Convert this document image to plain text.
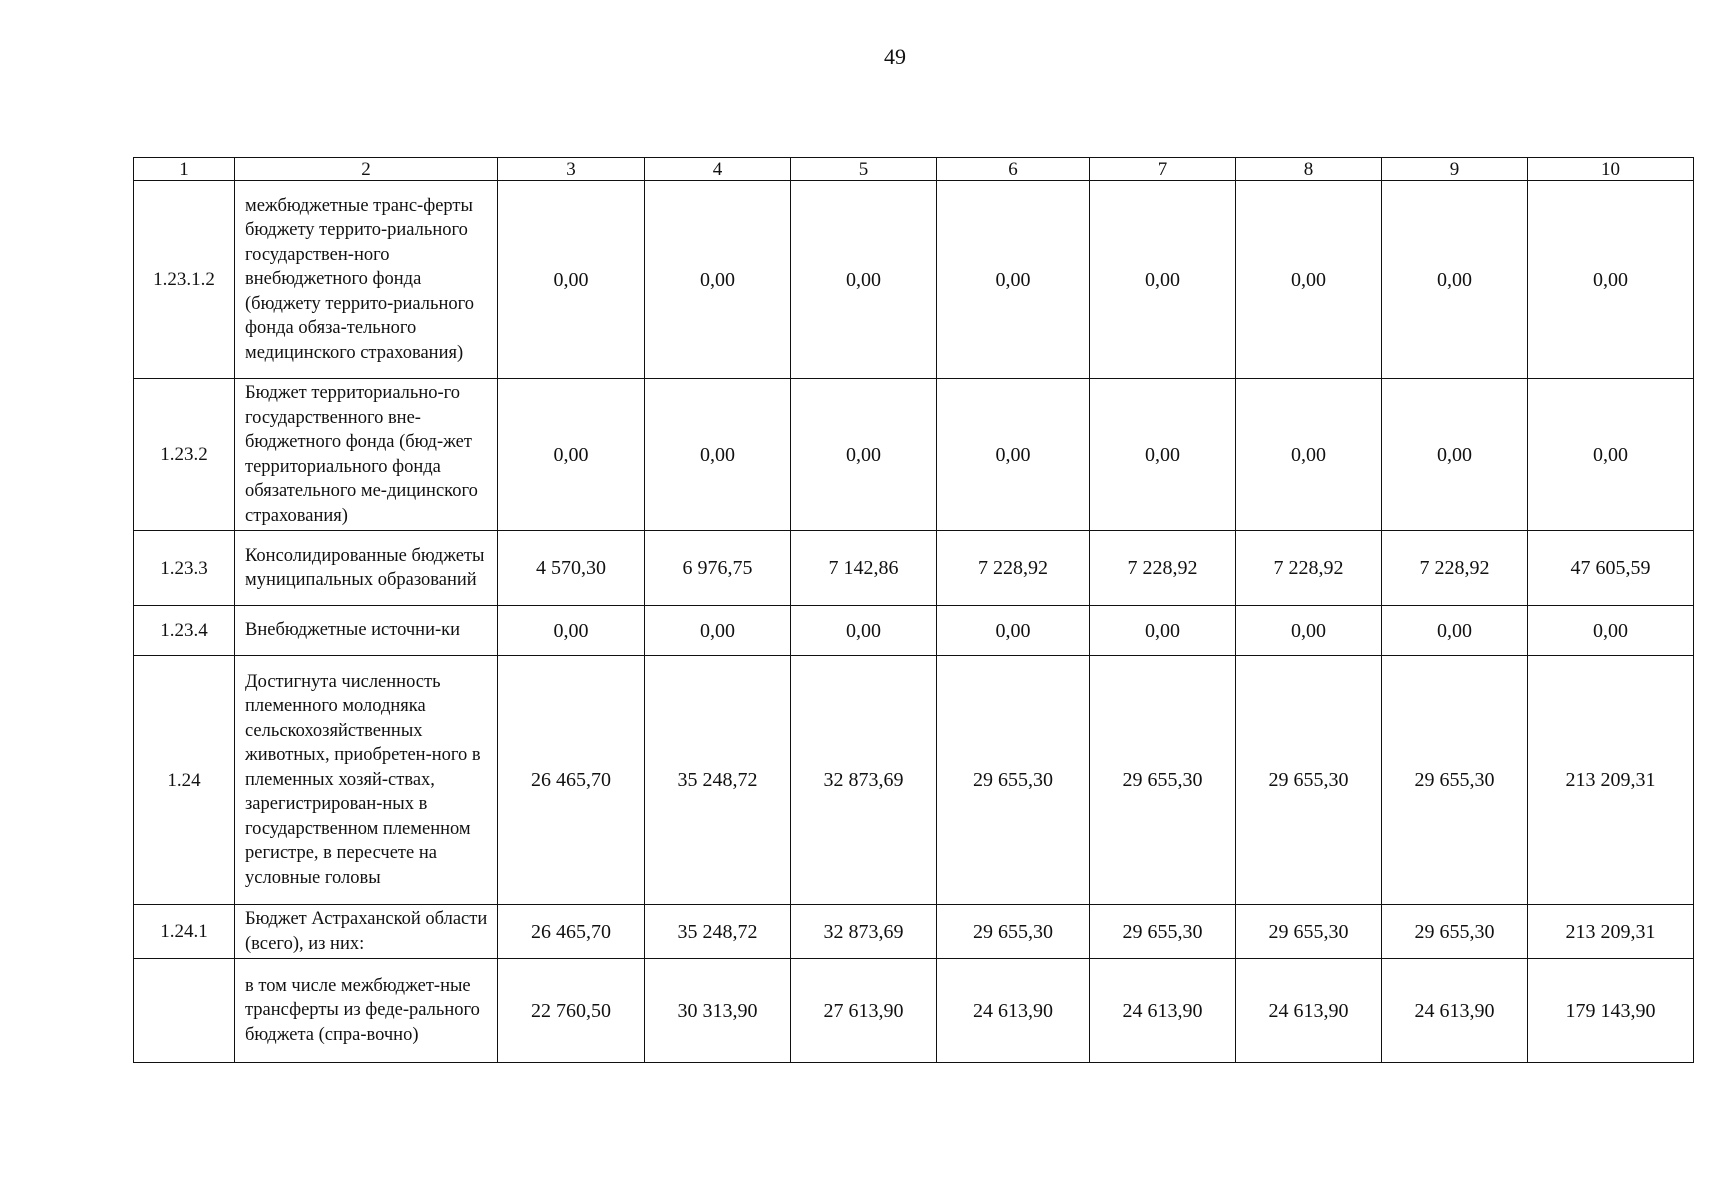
49
1	2	3	4	5	6	7	8	9	10
1.23.1.2	межбюджетные транс-ферты бюджету террито-риального государствен-ного внебюджетного фонда (бюджету террито-риального фонда обяза-тельного медицинского страхования)	0,00	0,00	0,00	0,00	0,00	0,00	0,00	0,00
1.23.2	Бюджет территориально-го государственного вне-бюджетного фонда (бюд-жет территориального фонда обязательного ме-дицинского страхования)	0,00	0,00	0,00	0,00	0,00	0,00	0,00	0,00
1.23.3	Консолидированные бюджеты муниципальных образований	4 570,30	6 976,75	7 142,86	7 228,92	7 228,92	7 228,92	7 228,92	47 605,59
1.23.4	Внебюджетные источни-ки	0,00	0,00	0,00	0,00	0,00	0,00	0,00	0,00
1.24	Достигнута численность племенного молодняка сельскохозяйственных животных, приобретен-ного в племенных хозяй-ствах, зарегистрирован-ных в государственном племенном регистре, в пересчете на условные головы	26 465,70	35 248,72	32 873,69	29 655,30	29 655,30	29 655,30	29 655,30	213 209,31
1.24.1	Бюджет Астраханской области (всего), из них:	26 465,70	35 248,72	32 873,69	29 655,30	29 655,30	29 655,30	29 655,30	213 209,31
	в том числе межбюджет-ные трансферты из феде-рального бюджета (спра-вочно)	22 760,50	30 313,90	27 613,90	24 613,90	24 613,90	24 613,90	24 613,90	179 143,90
